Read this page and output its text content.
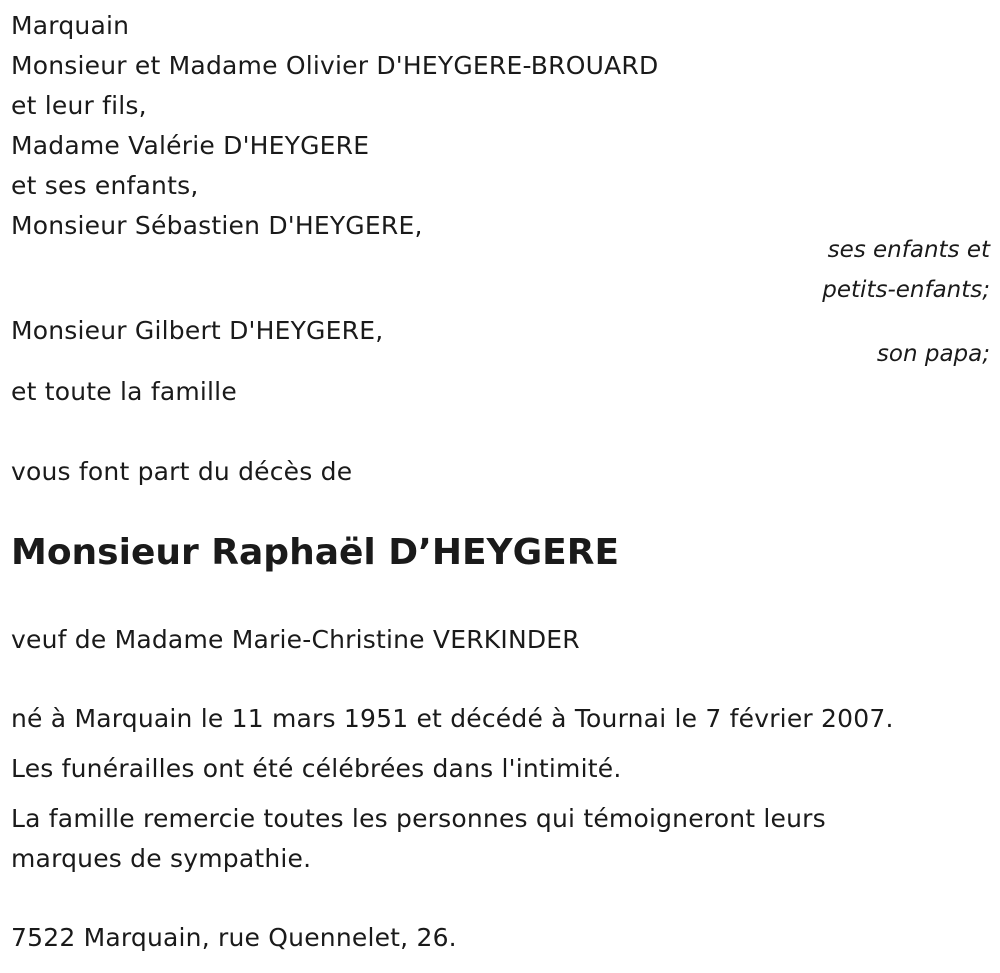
Marquain
Monsieur et Madame Olivier D'HEYGERE-BROUARD
et leur fils,
Madame Valérie D'HEYGERE
et ses enfants,
Monsieur Sébastien D'HEYGERE,
ses enfants et
petits-enfants;
Monsieur Gilbert D'HEYGERE,
son papa;
et toute la famille
vous font part du décès de
Monsieur Raphaël D’HEYGERE
veuf de Madame Marie-Christine VERKINDER
né à Marquain le 11 mars 1951 et décédé à Tournai le 7 février 2007.
Les funérailles ont été célébrées dans l'intimité.
La famille remercie toutes les personnes qui témoigneront leurs
marques de sympathie.
7522 Marquain, rue Quennelet, 26.
